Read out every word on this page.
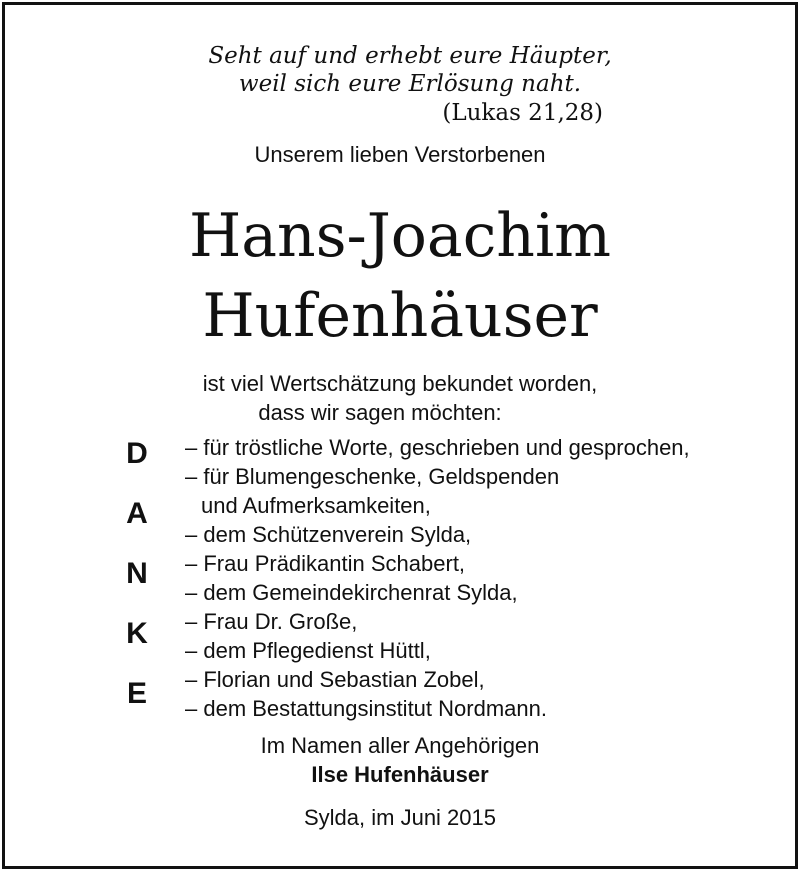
Seht auf und erhebt eure Häupter,
weil sich eure Erlösung naht.
(Lukas 21,28)
Unserem lieben Verstorbenen
Hans-Joachim
Hufenhäuser
ist viel Wertschätzung bekundet worden,
dass wir sagen möchten:
D
A
N
K
E
– für tröstliche Worte, geschrieben und gesprochen,
– für Blumengeschenke, Geldspenden
und Aufmerksamkeiten,
– dem Schützenverein Sylda,
– Frau Prädikantin Schabert,
– dem Gemeindekirchenrat Sylda,
– Frau Dr. Große,
– dem Pflegedienst Hüttl,
– Florian und Sebastian Zobel,
– dem Bestattungsinstitut Nordmann.
Im Namen aller Angehörigen
Ilse Hufenhäuser
Sylda, im Juni 2015
